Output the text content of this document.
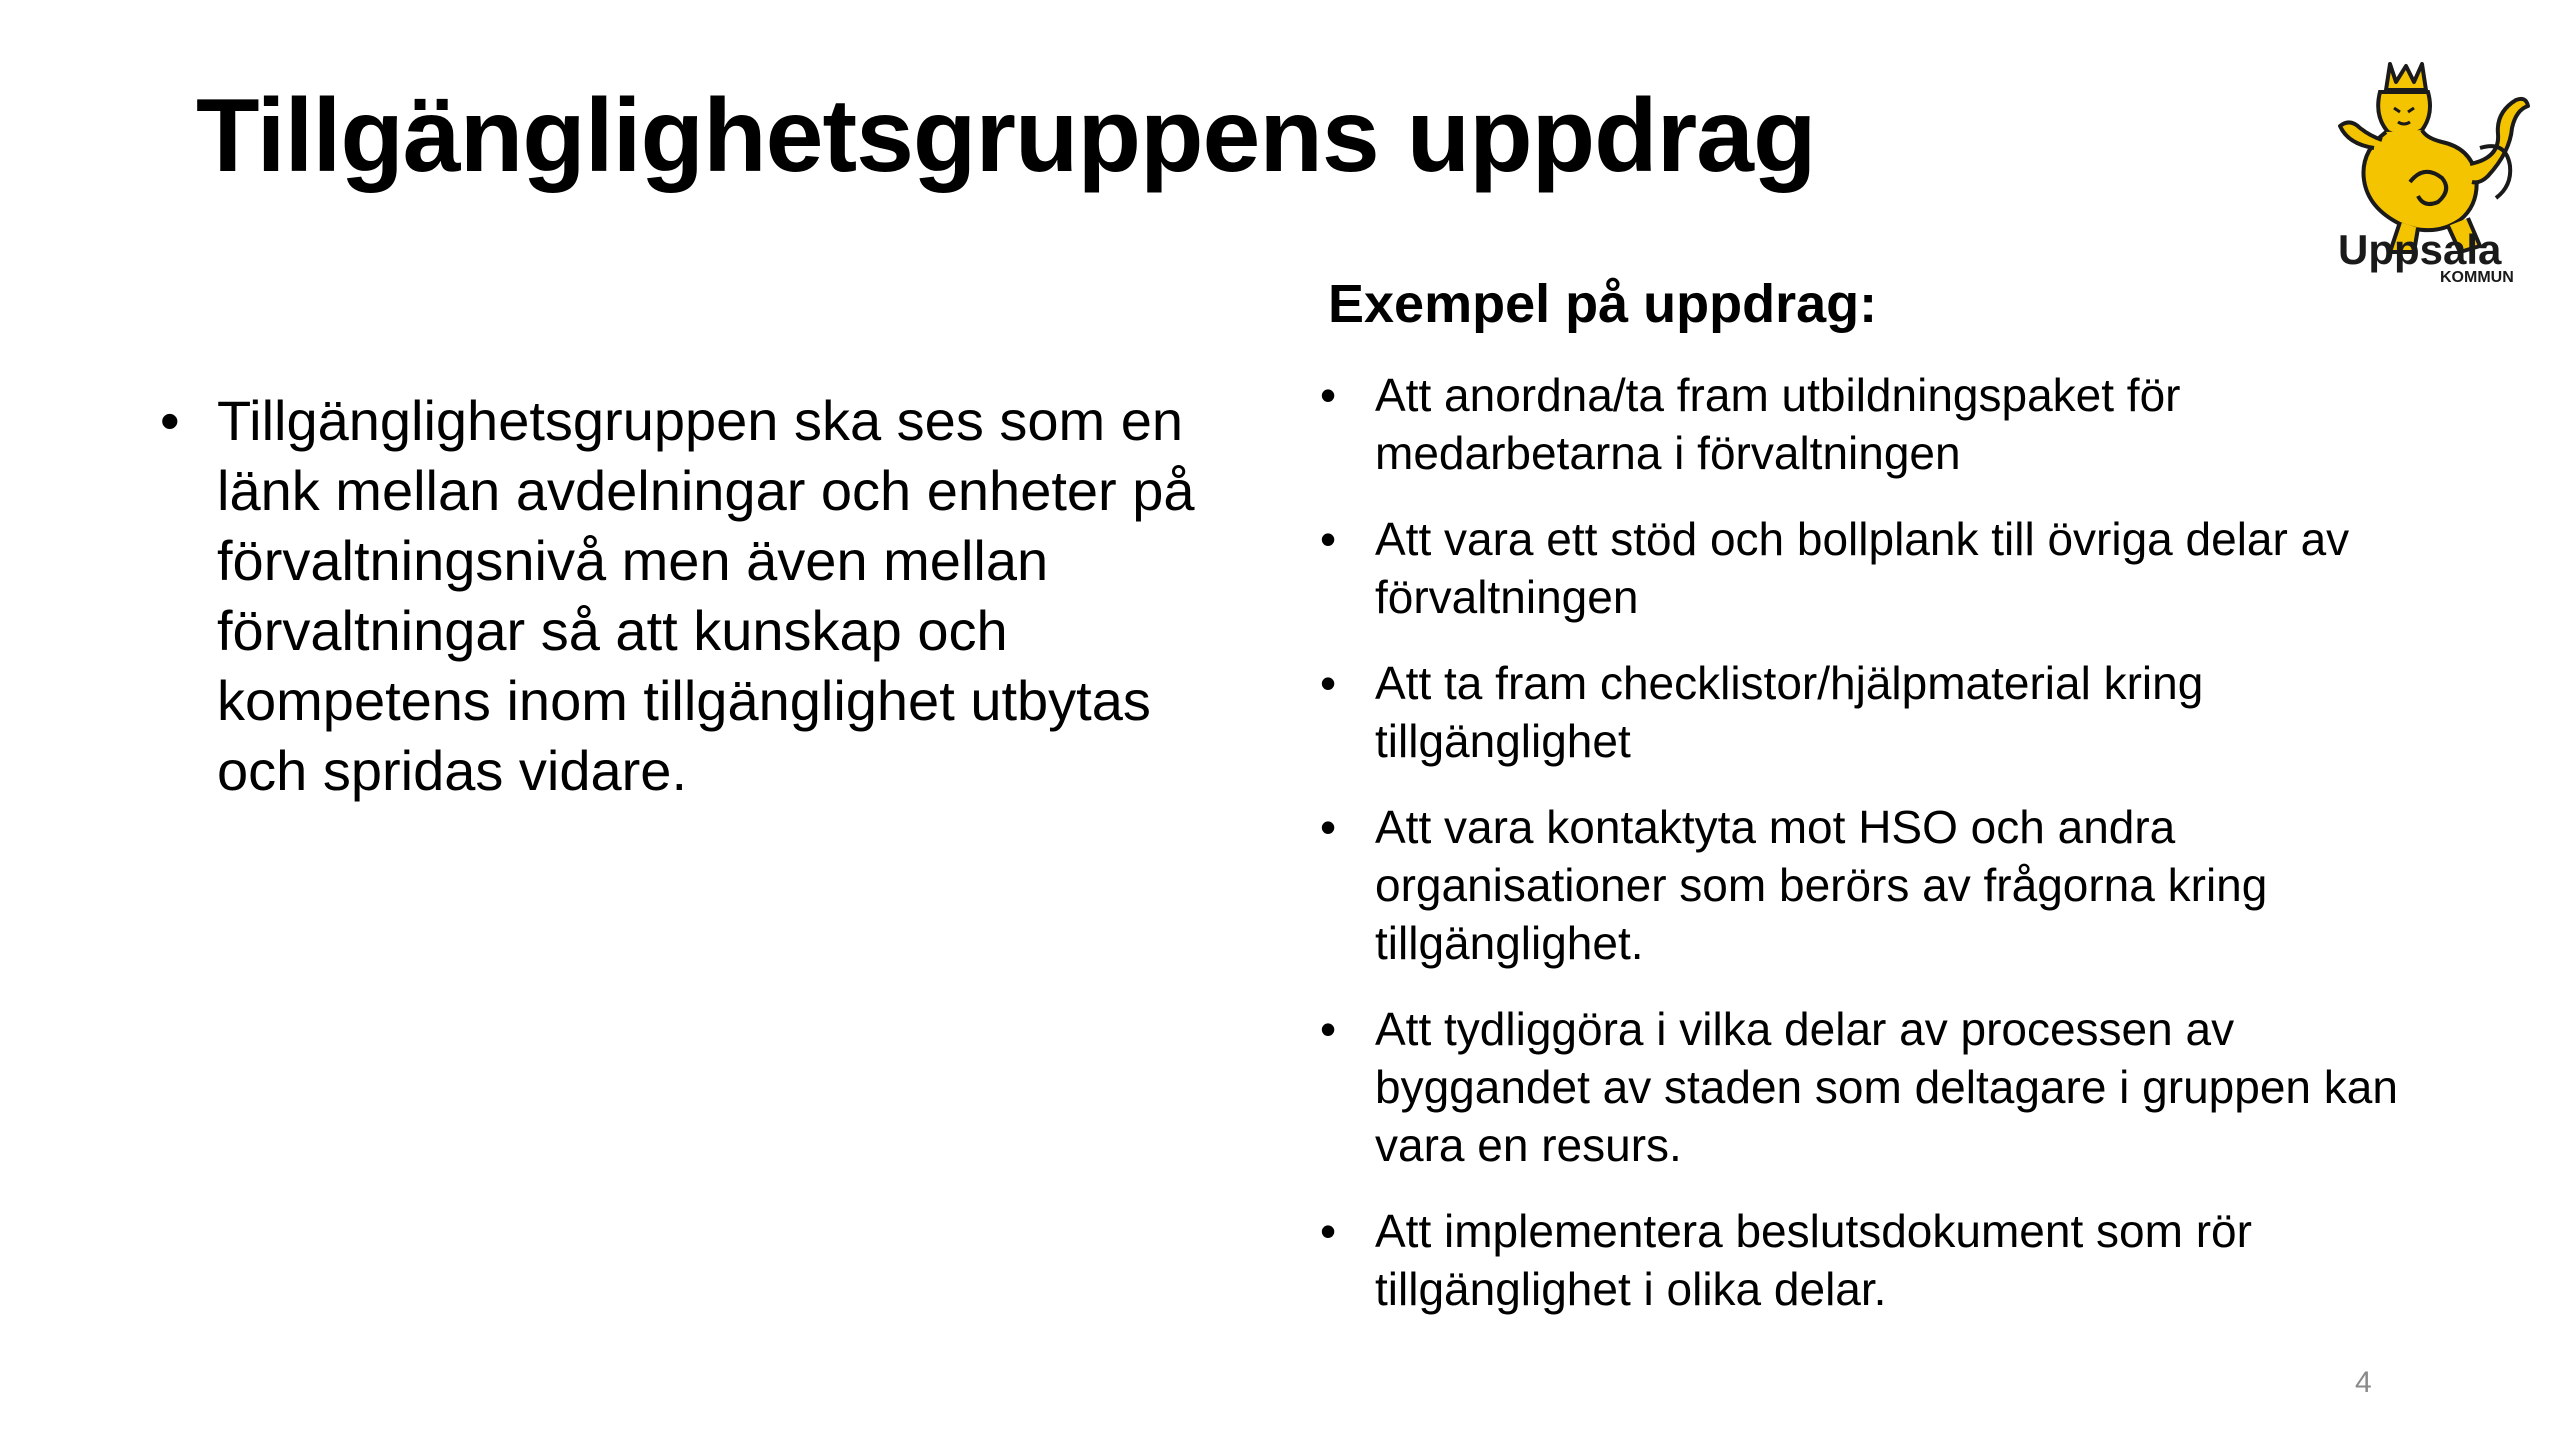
Tillgänglighetsgruppens uppdrag
Uppsala
KOMMUN
• Tillgänglighetsgruppen ska ses som en länk mellan avdelningar och enheter på förvaltningsnivå men även mellan förvaltningar så att kunskap och kompetens inom tillgänglighet utbytas och spridas vidare.
Exempel på uppdrag:
• Att anordna/ta fram utbildningspaket för medarbetarna i förvaltningen
• Att vara ett stöd och bollplank till övriga delar av förvaltningen
• Att ta fram checklistor/hjälpmaterial kring tillgänglighet
• Att vara kontaktyta mot HSO och andra organisationer som berörs av frågorna kring tillgänglighet.
• Att tydliggöra i vilka delar av processen av byggandet av staden som deltagare i gruppen kan vara en resurs.
• Att implementera beslutsdokument som rör tillgänglighet i olika delar.
4
